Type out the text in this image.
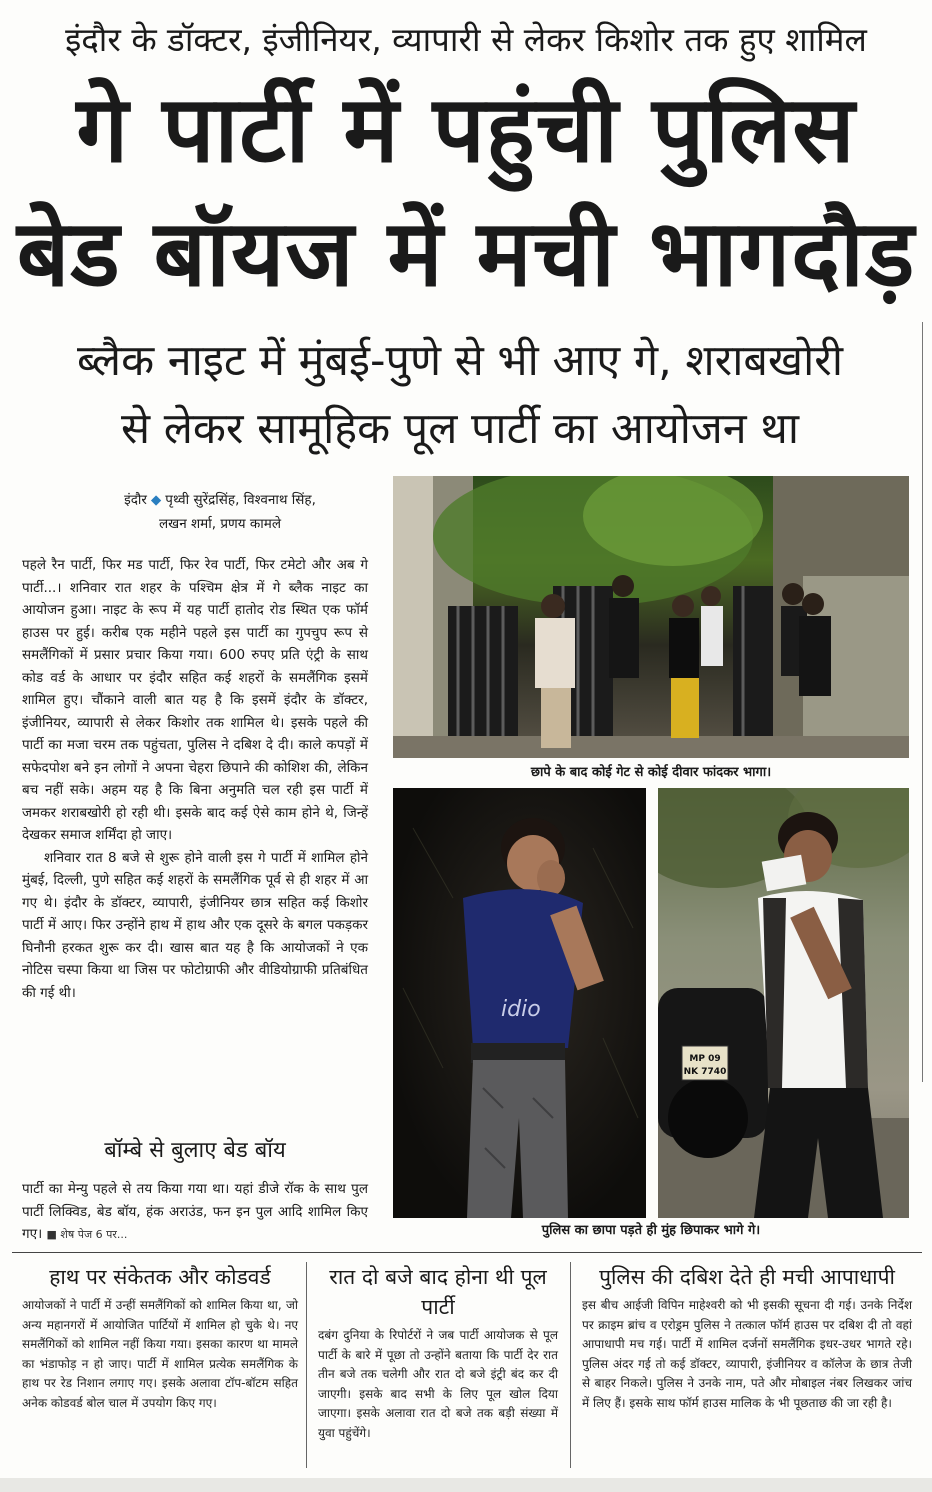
इंदौर के डॉक्टर, इंजीनियर, व्यापारी से लेकर किशोर तक हुए शामिल
गे पार्टी में पहुंची पुलिस
बेड बॉयज में मची भागदौड़
ब्लैक नाइट में मुंबई-पुणे से भी आए गे, शराबखोरी
से लेकर सामूहिक पूल पार्टी का आयोजन था
इंदौर ◆ पृथ्वी सुरेंद्रसिंह, विश्वनाथ सिंह,
लखन शर्मा, प्रणय कामले

पहले रैन पार्टी, फिर मड पार्टी, फिर रेव पार्टी, फिर टमेटो और अब गे पार्टी...। शनिवार रात शहर के पश्चिम क्षेत्र में गे ब्लैक नाइट का आयोजन हुआ। नाइट के रूप में यह पार्टी हातोद रोड स्थित एक फॉर्म हाउस पर हुई। करीब एक महीने पहले इस पार्टी का गुपचुप रूप से समलैंगिकों में प्रसार प्रचार किया गया। 600 रुपए प्रति एंट्री के साथ कोड वर्ड के आधार पर इंदौर सहित कई शहरों के समलैंगिक इसमें शामिल हुए। चौंकाने वाली बात यह है कि इसमें इंदौर के डॉक्टर, इंजीनियर, व्यापारी से लेकर किशोर तक शामिल थे। इसके पहले की पार्टी का मजा चरम तक पहुंचता, पुलिस ने दबिश दे दी। काले कपड़ों में सफेदपोश बने इन लोगों ने अपना चेहरा छिपाने की कोशिश की, लेकिन बच नहीं सके। अहम यह है कि बिना अनुमति चल रही इस पार्टी में जमकर शराबखोरी हो रही थी। इसके बाद कई ऐसे काम होने थे, जिन्हें देखकर समाज शर्मिंदा हो जाए।

शनिवार रात 8 बजे से शुरू होने वाली इस गे पार्टी में शामिल होने मुंबई, दिल्ली, पुणे सहित कई शहरों के समलैंगिक पूर्व से ही शहर में आ गए थे। इंदौर के डॉक्टर, व्यापारी, इंजीनियर छात्र सहित कई किशोर पार्टी में आए। फिर उन्होंने हाथ में हाथ और एक दूसरे के बगल पकड़कर घिनौनी हरकत शुरू कर दी। खास बात यह है कि आयोजकों ने एक नोटिस चस्पा किया था जिस पर फोटोग्राफी और वीडियोग्राफी प्रतिबंधित की गई थी।

बॉम्बे से बुलाए बेड बॉय
पार्टी का मेन्यु पहले से तय किया गया था। यहां डीजे रॉक के साथ पुल पार्टी लिक्विड, बेड बॉय, हंक अराउंड, फन इन पुल आदि शामिल किए गए। ■ शेष पेज 6 पर...
छापे के बाद कोई गेट से कोई दीवार फांदकर भागा।
idio
MP 09
NK 7740
पुलिस का छापा पड़ते ही मुंह छिपाकर भागे गे।
हाथ पर संकेतक और कोडवर्ड
आयोजकों ने पार्टी में उन्हीं समलैंगिकों को शामिल किया था, जो अन्य महानगरों में आयोजित पार्टियों में शामिल हो चुके थे। नए समलैंगिकों को शामिल नहीं किया गया। इसका कारण था मामले का भंडाफोड़ न हो जाए। पार्टी में शामिल प्रत्येक समलैंगिक के हाथ पर रेड निशान लगाए गए। इसके अलावा टॉप-बॉटम सहित अनेक कोडवर्ड बोल चाल में उपयोग किए गए।
रात दो बजे बाद होना थी पूल पार्टी
दबंग दुनिया के रिपोर्टरों ने जब पार्टी आयोजक से पूल पार्टी के बारे में पूछा तो उन्होंने बताया कि पार्टी देर रात तीन बजे तक चलेगी और रात दो बजे इंट्री बंद कर दी जाएगी। इसके बाद सभी के लिए पूल खोल दिया जाएगा। इसके अलावा रात दो बजे तक बड़ी संख्या में युवा पहुंचेंगे।
पुलिस की दबिश देते ही मची आपाधापी
इस बीच आईजी विपिन माहेश्वरी को भी इसकी सूचना दी गई। उनके निर्देश पर क्राइम ब्रांच व एरोड्रम पुलिस ने तत्काल फॉर्म हाउस पर दबिश दी तो वहां आपाधापी मच गई। पार्टी में शामिल दर्जनों समलैंगिक इधर-उधर भागते रहे। पुलिस अंदर गई तो कई डॉक्टर, व्यापारी, इंजीनियर व कॉलेज के छात्र तेजी से बाहर निकले। पुलिस ने उनके नाम, पते और मोबाइल नंबर लिखकर जांच में लिए हैं। इसके साथ फॉर्म हाउस मालिक के भी पूछताछ की जा रही है।
